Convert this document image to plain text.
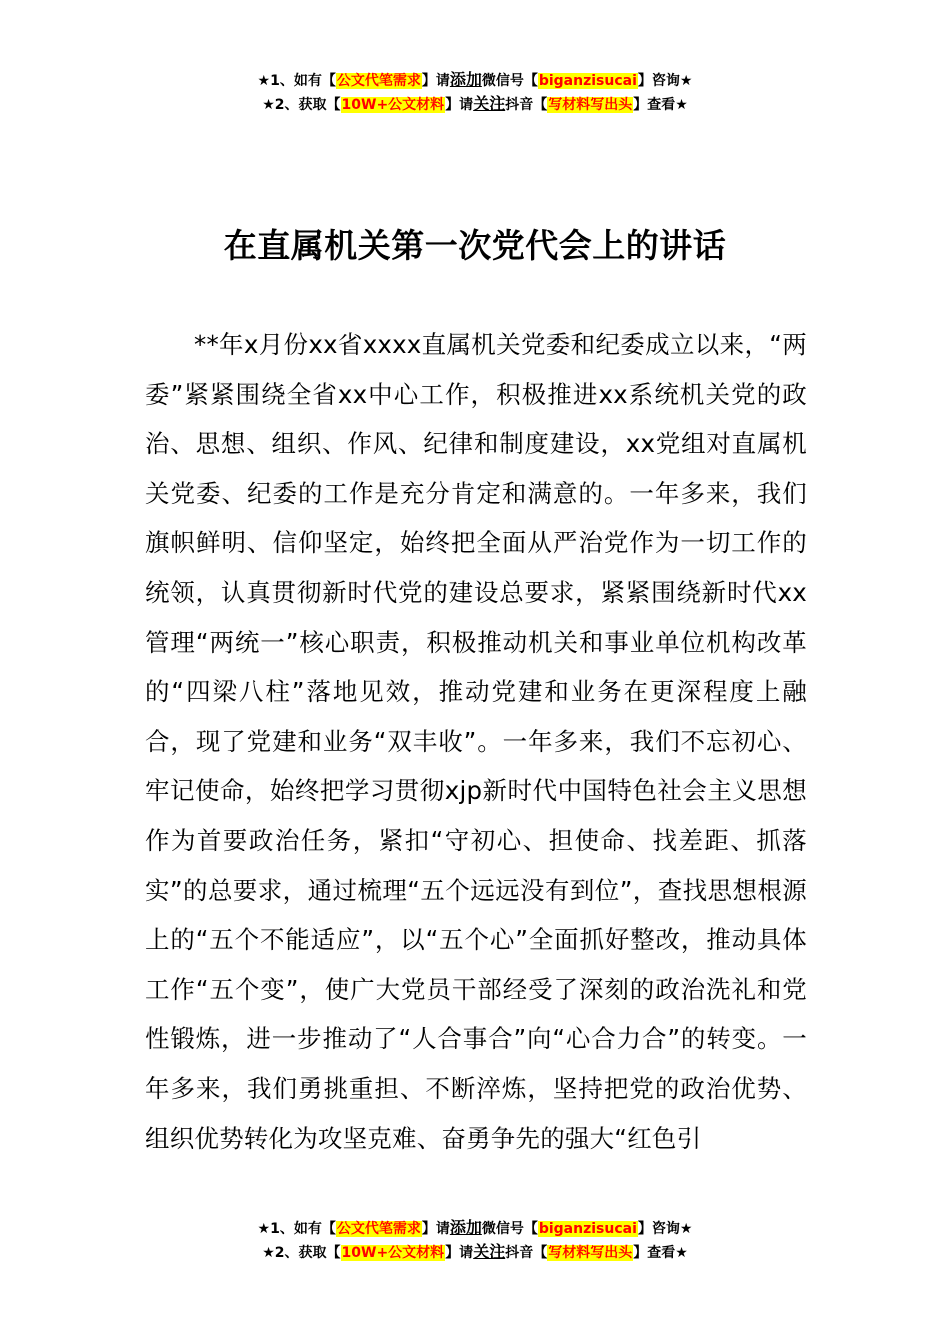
★1、如有【公文代笔需求】请添加微信号【biganzisucai】咨询★
★2、获取【10W+公文材料】请关注抖音【写材料写出头】查看★
在直属机关第一次党代会上的讲话
**年x月份xx省xxxx直属机关党委和纪委成立以来，“两委”紧紧围绕全省xx中心工作，积极推进xx系统机关党的政治、思想、组织、作风、纪律和制度建设，xx党组对直属机关党委、纪委的工作是充分肯定和满意的。一年多来，我们旗帜鲜明、信仰坚定，始终把全面从严治党作为一切工作的统领，认真贯彻新时代党的建设总要求，紧紧围绕新时代xx管理“两统一”核心职责，积极推动机关和事业单位机构改革的“四梁八柱”落地见效，推动党建和业务在更深程度上融合，现了党建和业务“双丰收”。一年多来，我们不忘初心、牢记使命，始终把学习贯彻xjp新时代中国特色社会主义思想作为首要政治任务，紧扣“守初心、担使命、找差距、抓落实”的总要求，通过梳理“五个远远没有到位”，查找思想根源上的“五个不能适应”，以“五个心”全面抓好整改，推动具体工作“五个变”，使广大党员干部经受了深刻的政治洗礼和党性锻炼，进一步推动了“人合事合”向“心合力合”的转变。一年多来，我们勇挑重担、不断淬炼，坚持把党的政治优势、组织优势转化为攻坚克难、奋勇争先的强大“红色引
★1、如有【公文代笔需求】请添加微信号【biganzisucai】咨询★
★2、获取【10W+公文材料】请关注抖音【写材料写出头】查看★
